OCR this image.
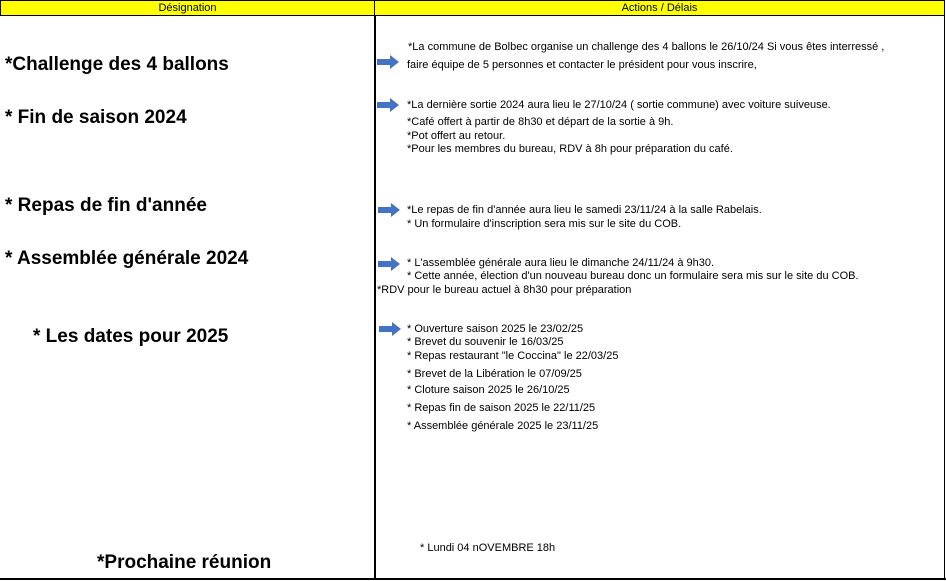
Désignation	Actions / Délais
*Challenge des 4 ballons
* Fin de saison 2024
* Repas de fin d'année
* Assemblée générale 2024
* Les dates pour 2025
*Prochaine réunion
*La commune de Bolbec organise un challenge des 4 ballons le 26/10/24 Si vous êtes interressé ,
faire équipe de 5 personnes et contacter le président pour vous inscrire,
*La dernière sortie 2024 aura lieu le 27/10/24 ( sortie commune) avec voiture suiveuse.
*Café offert à partir de 8h30 et départ de la sortie à 9h.
*Pot offert au retour.
*Pour les membres du bureau, RDV à 8h pour préparation du café.
*Le repas de fin d'année aura lieu le samedi 23/11/24 à la salle Rabelais.
* Un formulaire d'inscription sera mis sur le site du COB.
* L'assemblée générale aura lieu le dimanche 24/11/24 à 9h30.
* Cette année, élection d'un nouveau bureau donc un formulaire sera mis sur le site du COB.
*RDV pour le bureau actuel à 8h30 pour préparation
* Ouverture saison 2025 le 23/02/25
* Brevet du souvenir le 16/03/25
* Repas restaurant "le Coccina" le 22/03/25
* Brevet de la Libération le 07/09/25
* Cloture saison 2025 le 26/10/25
* Repas fin de saison 2025 le 22/11/25
* Assemblée générale 2025 le 23/11/25
* Lundi 04 nOVEMBRE 18h
